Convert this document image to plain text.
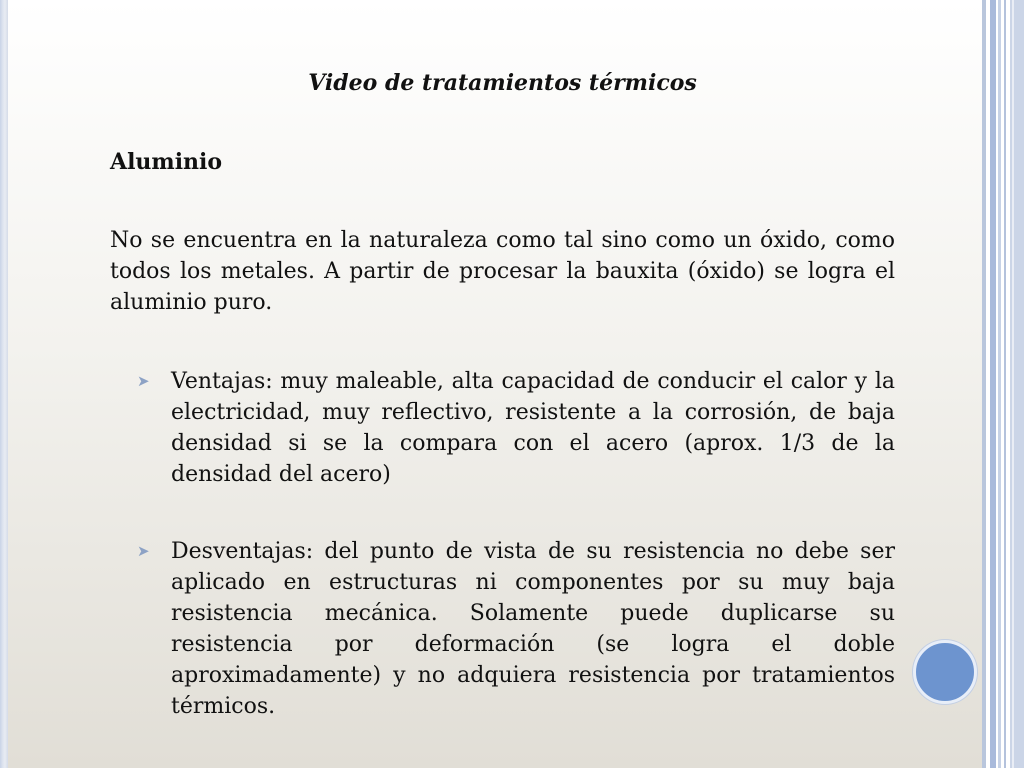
Video de tratamientos térmicos
Aluminio

No se encuentra en la naturaleza como tal sino como un óxido, como todos los metales. A partir de procesar la bauxita (óxido) se logra el aluminio puro.

➤ Ventajas: muy maleable, alta capacidad de conducir el calor y la electricidad, muy reflectivo, resistente a la corrosión, de baja densidad si se la compara con el acero (aprox. 1/3 de la densidad del acero)

➤ Desventajas: del punto de vista de su resistencia no debe ser aplicado en estructuras ni componentes por su muy baja resistencia mecánica. Solamente puede duplicarse su resistencia por deformación (se logra el doble aproximadamente) y no adquiera resistencia por tratamientos térmicos.
